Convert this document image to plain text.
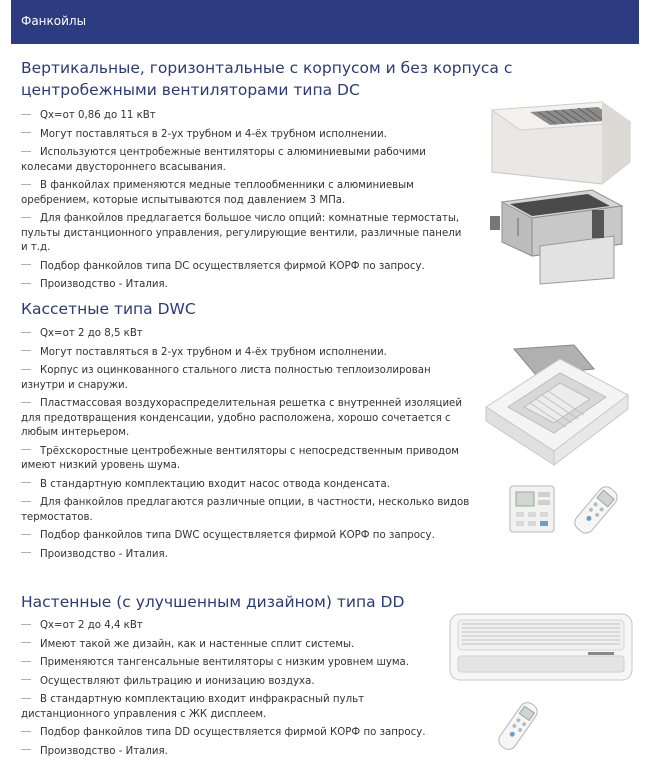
Фанкойлы
Вертикальные, горизонтальные с корпусом и без корпуса с центробежными вентиляторами типа DC
Qx=от 0,86 до 11 кВт
Могут поставляться в 2-ух трубном и 4-ёх трубном исполнении.
Используются центробежные вентиляторы с алюминиевыми рабочими колесами двустороннего всасывания.
В фанкойлах применяются медные теплообменники с алюминиевым оребрением, которые испытываются под давлением 3 МПа.
Для фанкойлов предлагается большое число опций: комнатные термостаты, пульты дистанционного управления, регулирующие вентили, различные панели и т.д.
Подбор фанкойлов типа DC осуществляется фирмой КОРФ по запросу.
Производство - Италия.
Кассетные типа DWC
Qx=от 2 до 8,5 кВт
Могут поставляться в 2-ух трубном и 4-ёх трубном исполнении.
Корпус из оцинкованного стального листа полностью теплоизолирован изнутри и снаружи.
Пластмассовая воздухораспределительная решетка с внутренней изоляцией для предотвращения конденсации, удобно расположена, хорошо сочетается с любым интерьером.
Трёхскоростные центробежные вентиляторы с непосредственным приводом имеют низкий уровень шума.
В стандартную комплектацию входит насос отвода конденсата.
Для фанкойлов предлагаются различные опции, в частности, несколько видов термостатов.
Подбор фанкойлов типа DWC осуществляется фирмой КОРФ по запросу.
Производство - Италия.
Настенные (с улучшенным дизайном) типа DD
Qx=от 2 до 4,4 кВт
Имеют такой же дизайн, как и настенные сплит системы.
Применяются тангенсальные вентиляторы с низким уровнем шума.
Осуществляют фильтрацию и ионизацию воздуха.
В стандартную комплектацию входит инфракрасный пульт дистанционного управления с ЖК дисплеем.
Подбор фанкойлов типа DD осуществляется фирмой КОРФ по запросу.
Производство - Италия.
